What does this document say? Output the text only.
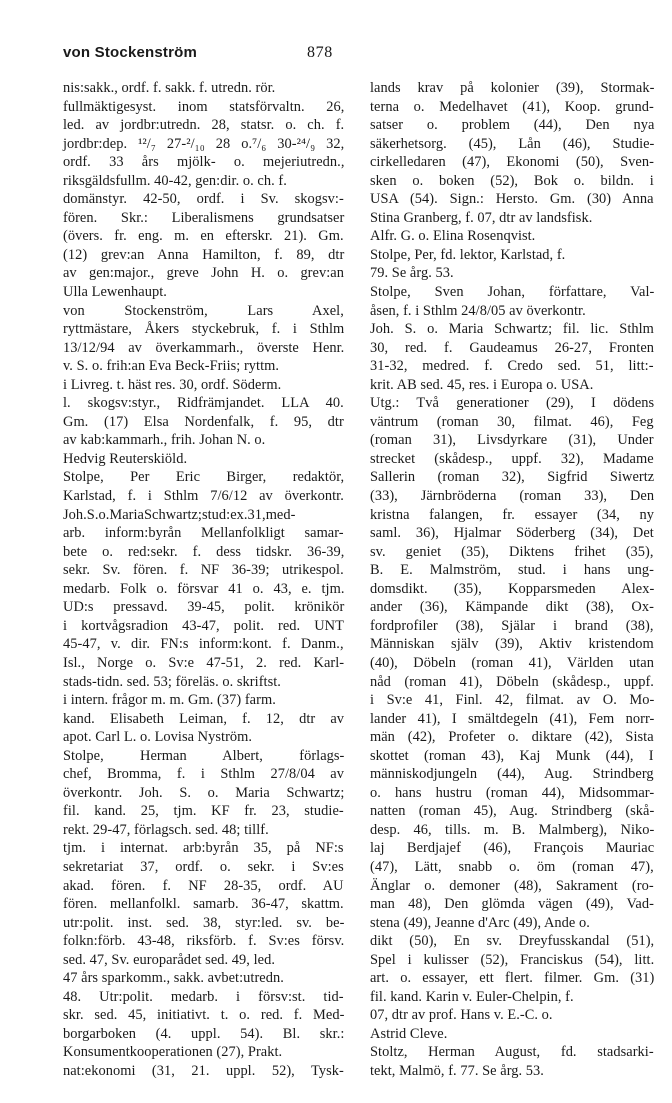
von Stockenström	878
nis:sakk., ordf. f. sakk. f. utredn. rör.
fullmäktigesyst. inom statsförvaltn. 26,
led. av jordbr:utredn. 28, statsr. o. ch. f.
jordbr:dep. ¹²/₇ 27-²/₁₀ 28 o.⁷/₆ 30-²⁴/₉ 32,
ordf. 33 års mjölk- o. mejeriutredn.,
riksgäldsfullm. 40-42, gen:dir. o. ch. f.
domänstyr. 42-50, ordf. i Sv. skogsv:-
fören. Skr.: Liberalismens grundsatser
(övers. fr. eng. m. en efterskr. 21). Gm.
(12) grev:an Anna Hamilton, f. 89, dtr
av gen:major., greve John H. o. grev:an
Ulla Lewenhaupt.
von Stockenström, Lars Axel,
ryttmästare, Åkers styckebruk, f. i Sthlm
13/12/94 av överkammarh., överste Henr.
v. S. o. frih:an Eva Beck-Friis; ryttm.
i Livreg. t. häst res. 30, ordf. Söderm.
l. skogsv:styr., Ridfrämjandet. LLA 40.
Gm. (17) Elsa Nordenfalk, f. 95, dtr
av kab:kammarh., frih. Johan N. o.
Hedvig Reuterskiöld.
Stolpe, Per Eric Birger, redaktör,
Karlstad, f. i Sthlm 7/6/12 av överkontr.
Joh.S.o.MariaSchwartz;stud:ex.31,med-
arb. inform:byrån Mellanfolkligt samar-
bete o. red:sekr. f. dess tidskr. 36-39,
sekr. Sv. fören. f. NF 36-39; utrikespol.
medarb. Folk o. försvar 41 o. 43, e. tjm.
UD:s pressavd. 39-45, polit. krönikör
i kortvågsradion 43-47, polit. red. UNT
45-47, v. dir. FN:s inform:kont. f. Danm.,
Isl., Norge o. Sv:e 47-51, 2. red. Karl-
stads-tidn. sed. 53; föreläs. o. skriftst.
i intern. frågor m. m. Gm. (37) farm.
kand. Elisabeth Leiman, f. 12, dtr av
apot. Carl L. o. Lovisa Nyström.
Stolpe, Herman Albert, förlags-
chef, Bromma, f. i Sthlm 27/8/04 av
överkontr. Joh. S. o. Maria Schwartz;
fil. kand. 25, tjm. KF fr. 23, studie-
rekt. 29-47, förlagsch. sed. 48; tillf.
tjm. i internat. arb:byrån 35, på NF:s
sekretariat 37, ordf. o. sekr. i Sv:es
akad. fören. f. NF 28-35, ordf. AU
fören. mellanfolkl. samarb. 36-47, skattm.
utr:polit. inst. sed. 38, styr:led. sv. be-
folkn:förb. 43-48, riksförb. f. Sv:es försv.
sed. 47, Sv. europarådet sed. 49, led.
47 års sparkomm., sakk. avbet:utredn.
48. Utr:polit. medarb. i försv:st. tid-
skr. sed. 45, initiativt. t. o. red. f. Med-
borgarboken (4. uppl. 54). Bl. skr.:
Konsumentkooperationen (27), Prakt.
nat:ekonomi (31, 21. uppl. 52), Tysk-
lands krav på kolonier (39), Stormak-
terna o. Medelhavet (41), Koop. grund-
satser o. problem (44), Den nya
säkerhetsorg. (45), Lån (46), Studie-
cirkelledaren (47), Ekonomi (50), Sven-
sken o. boken (52), Bok o. bildn. i
USA (54). Sign.: Hersto. Gm. (30) Anna
Stina Granberg, f. 07, dtr av landsfisk.
Alfr. G. o. Elina Rosenqvist.
Stolpe, Per, fd. lektor, Karlstad, f.
79. Se årg. 53.
Stolpe, Sven Johan, författare, Val-
åsen, f. i Sthlm 24/8/05 av överkontr.
Joh. S. o. Maria Schwartz; fil. lic. Sthlm
30, red. f. Gaudeamus 26-27, Fronten
31-32, medred. f. Credo sed. 51, litt:-
krit. AB sed. 45, res. i Europa o. USA.
Utg.: Två generationer (29), I dödens
väntrum (roman 30, filmat. 46), Feg
(roman 31), Livsdyrkare (31), Under
strecket (skådesp., uppf. 32), Madame
Sallerin (roman 32), Sigfrid Siwertz
(33), Järnbröderna (roman 33), Den
kristna falangen, fr. essayer (34, ny
saml. 36), Hjalmar Söderberg (34), Det
sv. geniet (35), Diktens frihet (35),
B. E. Malmström, stud. i hans ung-
domsdikt. (35), Kopparsmeden Alex-
ander (36), Kämpande dikt (38), Ox-
fordprofiler (38), Själar i brand (38),
Människan själv (39), Aktiv kristendom
(40), Döbeln (roman 41), Världen utan
nåd (roman 41), Döbeln (skådesp., uppf.
i Sv:e 41, Finl. 42, filmat. av O. Mo-
lander 41), I smältdegeln (41), Fem norr-
män (42), Profeter o. diktare (42), Sista
skottet (roman 43), Kaj Munk (44), I
människodjungeln (44), Aug. Strindberg
o. hans hustru (roman 44), Midsommar-
natten (roman 45), Aug. Strindberg (skå-
desp. 46, tills. m. B. Malmberg), Niko-
laj Berdjajef (46), François Mauriac
(47), Lätt, snabb o. öm (roman 47),
Änglar o. demoner (48), Sakrament (ro-
man 48), Den glömda vägen (49), Vad-
stena (49), Jeanne d'Arc (49), Ande o.
dikt (50), En sv. Dreyfusskandal (51),
Spel i kulisser (52), Franciskus (54), litt.
art. o. essayer, ett flert. filmer. Gm. (31)
fil. kand. Karin v. Euler-Chelpin, f.
07, dtr av prof. Hans v. E.-C. o.
Astrid Cleve.
Stoltz, Herman August, fd. stadsarki-
tekt, Malmö, f. 77. Se årg. 53.
